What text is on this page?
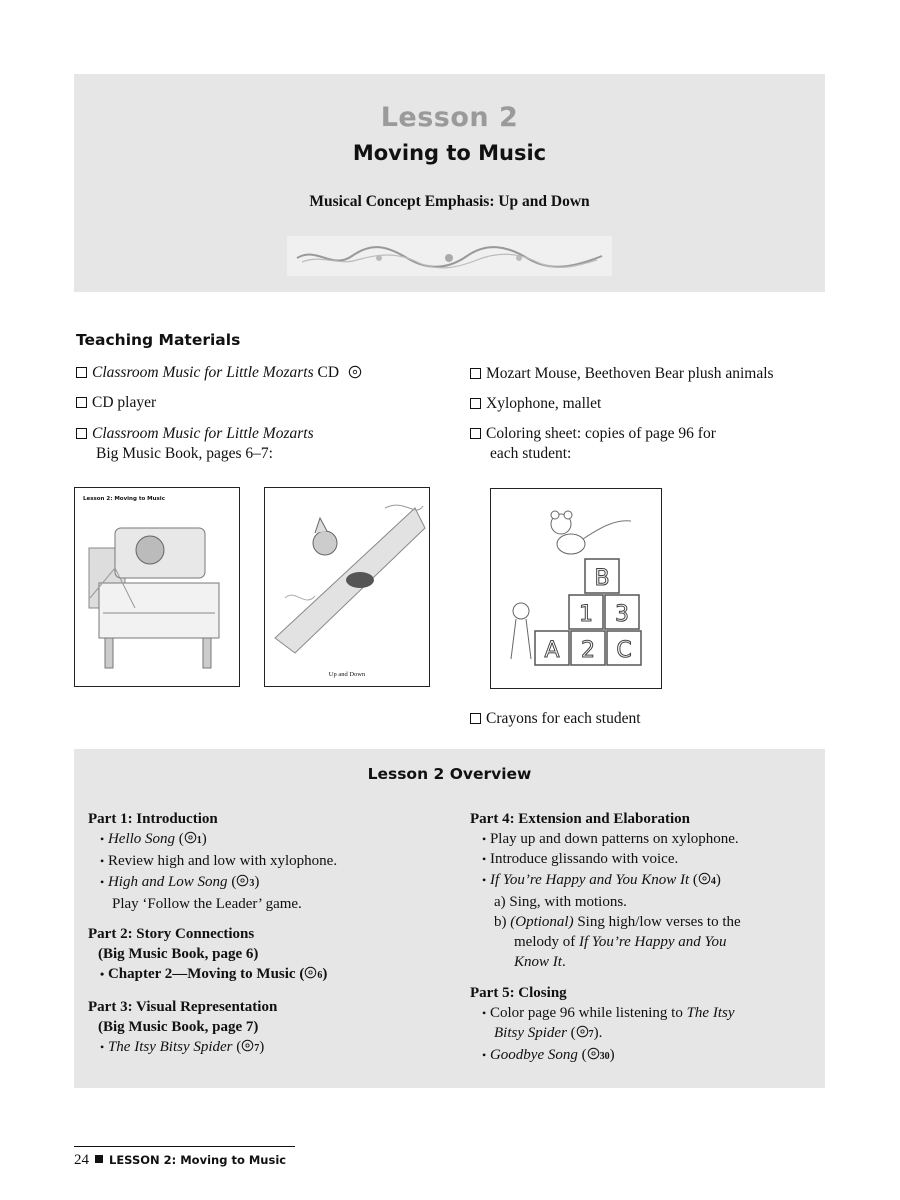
Lesson 2
Moving to Music
Musical Concept Emphasis: Up and Down
Teaching Materials
Classroom Music for Little Mozarts CD
CD player
Classroom Music for Little Mozarts
Big Music Book, pages 6–7:
Mozart Mouse, Beethoven Bear plush animals
Xylophone, mallet
Coloring sheet: copies of page 96 for
each student:
Crayons for each student
Lesson 2: Moving to Music
Up and Down
B
1 3
A 2 C
Lesson 2 Overview
Part 1: Introduction
• Hello Song ( 1)
• Review high and low with xylophone.
• High and Low Song ( 3)
Play ‘Follow the Leader’ game.
Part 2: Story Connections
(Big Music Book, page 6)
• Chapter 2—Moving to Music ( 6)
Part 3: Visual Representation
(Big Music Book, page 7)
• The Itsy Bitsy Spider ( 7)
Part 4: Extension and Elaboration
• Play up and down patterns on xylophone.
• Introduce glissando with voice.
• If You’re Happy and You Know It ( 4)
a) Sing, with motions.
b) (Optional) Sing high/low verses to the
melody of If You’re Happy and You
Know It.
Part 5: Closing
• Color page 96 while listening to The Itsy
Bitsy Spider ( 7).
• Goodbye Song ( 30)
24 LESSON 2: Moving to Music
